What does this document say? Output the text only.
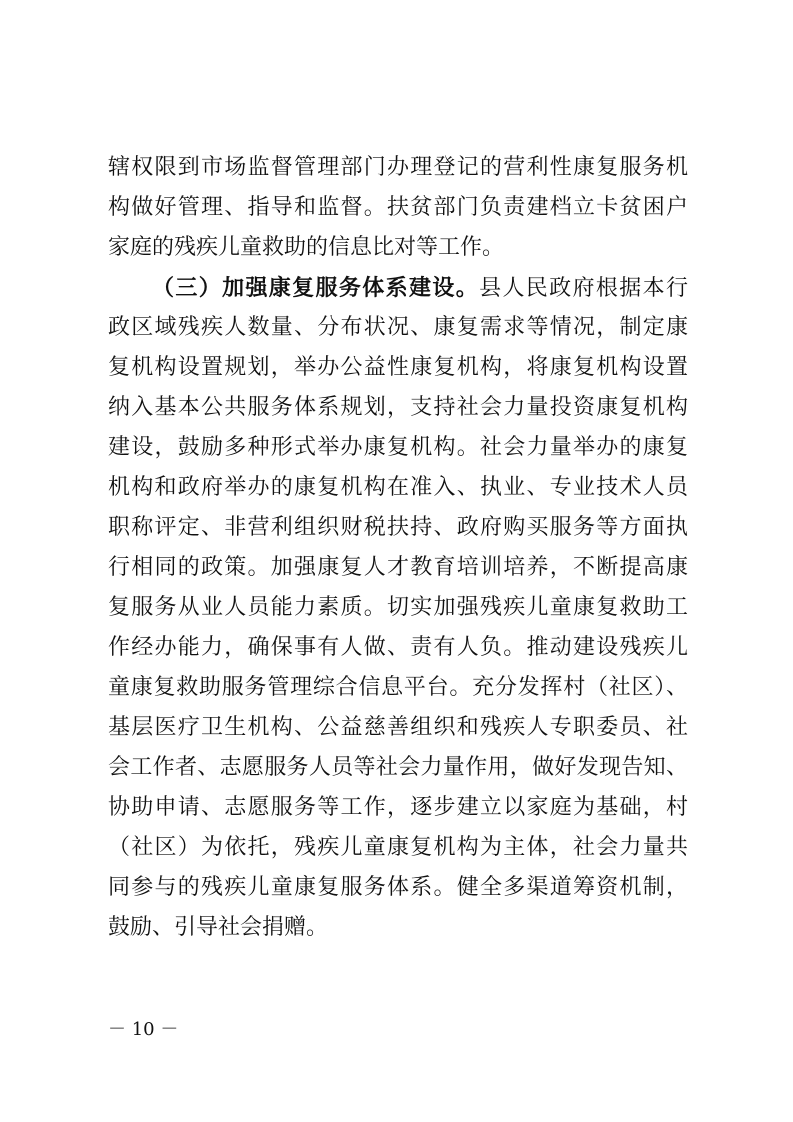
辖权限到市场监督管理部门办理登记的营利性康复服务机
构做好管理、指导和监督。扶贫部门负责建档立卡贫困户
家庭的残疾儿童救助的信息比对等工作。
（三）加强康复服务体系建设。县人民政府根据本行
政区域残疾人数量、分布状况、康复需求等情况，制定康
复机构设置规划，举办公益性康复机构，将康复机构设置
纳入基本公共服务体系规划，支持社会力量投资康复机构
建设，鼓励多种形式举办康复机构。社会力量举办的康复
机构和政府举办的康复机构在准入、执业、专业技术人员
职称评定、非营利组织财税扶持、政府购买服务等方面执
行相同的政策。加强康复人才教育培训培养，不断提高康
复服务从业人员能力素质。切实加强残疾儿童康复救助工
作经办能力，确保事有人做、责有人负。推动建设残疾儿
童康复救助服务管理综合信息平台。充分发挥村（社区）、
基层医疗卫生机构、公益慈善组织和残疾人专职委员、社
会工作者、志愿服务人员等社会力量作用，做好发现告知、
协助申请、志愿服务等工作，逐步建立以家庭为基础，村
（社区）为依托，残疾儿童康复机构为主体，社会力量共
同参与的残疾儿童康复服务体系。健全多渠道筹资机制，
鼓励、引导社会捐赠。
－ 10 －
